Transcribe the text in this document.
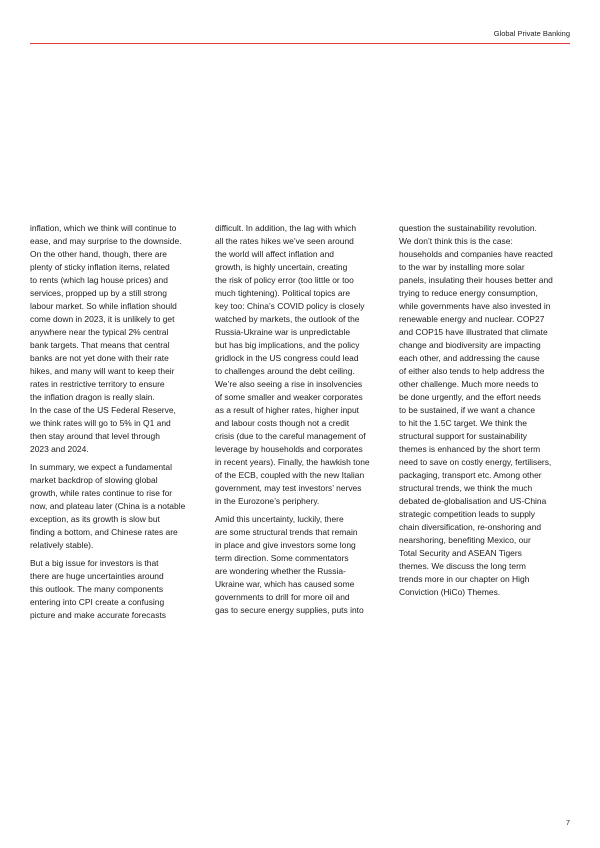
Global Private Banking

inflation, which we think will continue to

ease, and may surprise to the downside.

On the other hand, though, there are

plenty of sticky inflation items, related

to rents (which lag house prices) and

services, propped up by a still strong

labour market. So while inflation should

come down in 2023, it is unlikely to get

anywhere near the typical 2% central

bank targets. That means that central

banks are not yet done with their rate

hikes, and many will want to keep their

rates in restrictive territory to ensure

the inflation dragon is really slain.

In the case of the US Federal Reserve,

we think rates will go to 5% in Q1 and

then stay around that level through

2023 and 2024.

In summary, we expect a fundamental

market backdrop of slowing global

growth, while rates continue to rise for

now, and plateau later (China is a notable

exception, as its growth is slow but

finding a bottom, and Chinese rates are

relatively stable).

But a big issue for investors is that

there are huge uncertainties around

this outlook. The many components

entering into CPI create a confusing

picture and make accurate forecasts

difficult. In addition, the lag with which

all the rates hikes we’ve seen around

the world will affect inflation and

growth, is highly uncertain, creating

the risk of policy error (too little or too

much tightening). Political topics are

key too: China’s COVID policy is closely

watched by markets, the outlook of the

Russia-Ukraine war is unpredictable

but has big implications, and the policy

gridlock in the US congress could lead

to challenges around the debt ceiling.

We’re also seeing a rise in insolvencies

of some smaller and weaker corporates

as a result of higher rates, higher input

and labour costs though not a credit

crisis (due to the careful management of

leverage by households and corporates

in recent years). Finally, the hawkish tone

of the ECB, coupled with the new Italian

government, may test investors’ nerves

in the Eurozone’s periphery.

Amid this uncertainty, luckily, there

are some structural trends that remain

in place and give investors some long

term direction. Some commentators

are wondering whether the Russia-

Ukraine war, which has caused some

governments to drill for more oil and

gas to secure energy supplies, puts into

question the sustainability revolution.

We don’t think this is the case:

households and companies have reacted

to the war by installing more solar

panels, insulating their houses better and

trying to reduce energy consumption,

while governments have also invested in

renewable energy and nuclear. COP27

and COP15 have illustrated that climate

change and biodiversity are impacting

each other, and addressing the cause

of either also tends to help address the

other challenge. Much more needs to

be done urgently, and the effort needs

to be sustained, if we want a chance

to hit the 1.5C target. We think the

structural support for sustainability

themes is enhanced by the short term

need to save on costly energy, fertilisers,

packaging, transport etc. Among other

structural trends, we think the much

debated de-globalisation and US-China

strategic competition leads to supply

chain diversification, re-onshoring and

nearshoring, benefiting Mexico, our

Total Security and ASEAN Tigers

themes. We discuss the long term

trends more in our chapter on High

Conviction (HiCo) Themes.

7
